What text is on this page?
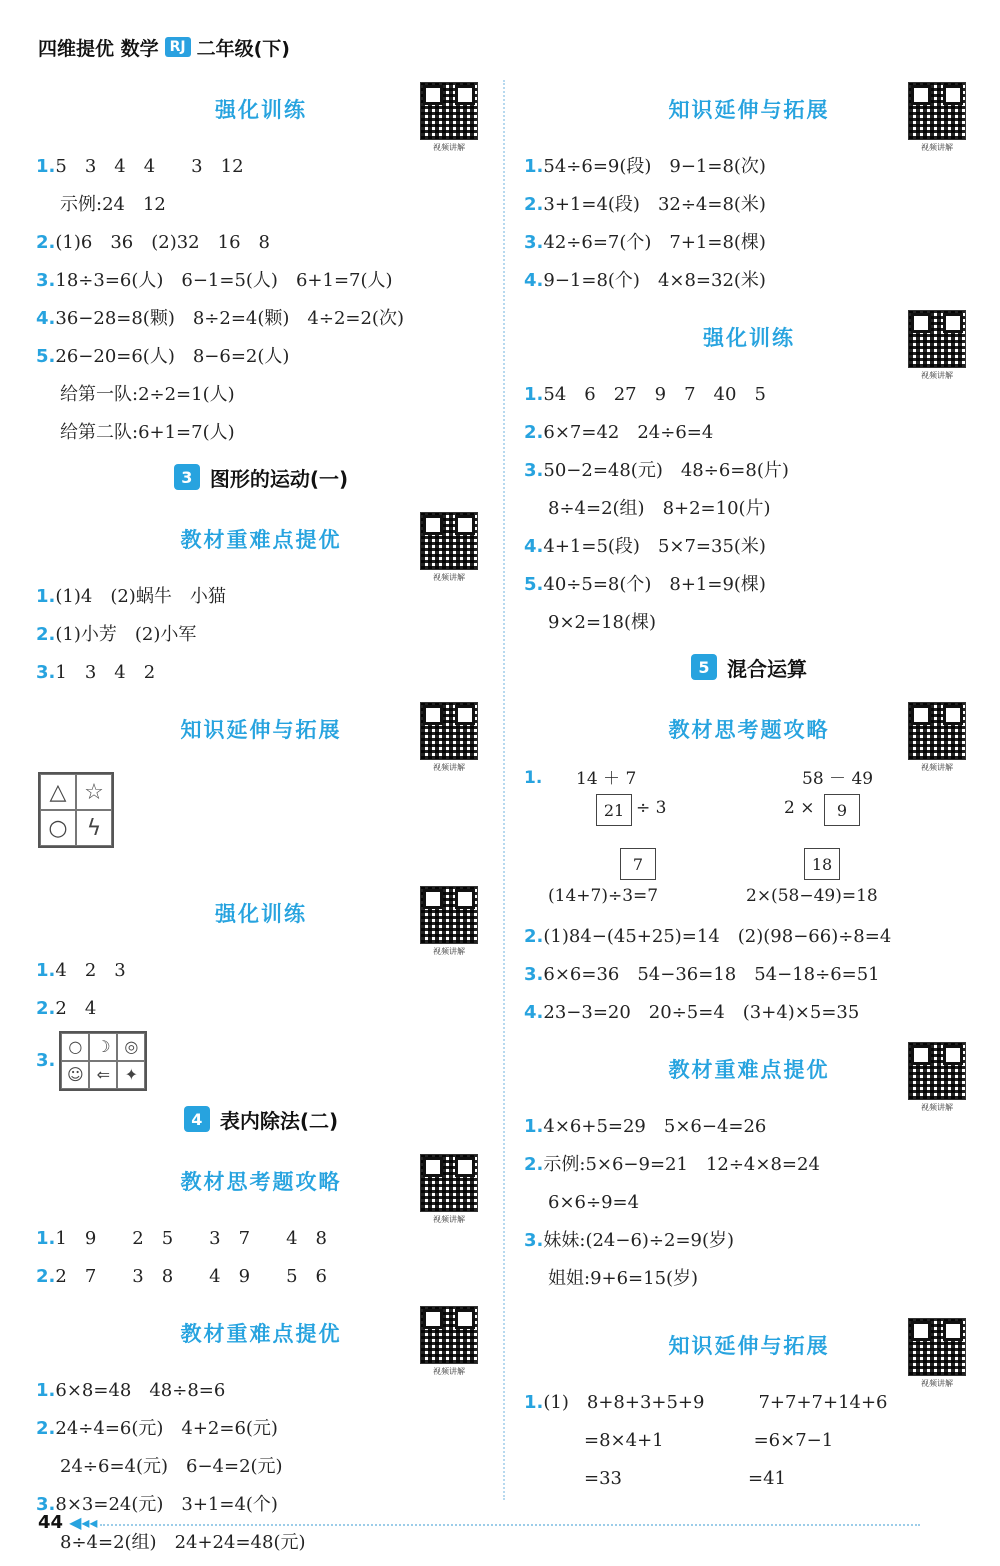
四维提优 数学 RJ 二年级(下)
强化训练
视频讲解
1.5　3　4　4　　3　12
示例:24　12
2.(1)6　36　(2)32　16　8
3.18÷3=6(人)　6−1=5(人)　6+1=7(人)
4.36−28=8(颗)　8÷2=4(颗)　4÷2=2(次)
5.26−20=6(人)　8−6=2(人)
给第一队:2÷2=1(人)
给第二队:6+1=7(人)
3 图形的运动(一)
教材重难点提优
视频讲解
1.(1)4　(2)蜗牛　小猫
2.(1)小芳　(2)小军
3.1　3　4　2
知识延伸与拓展
视频讲解
△ ☆
○ ϟ
强化训练
视频讲解
1.4　2　3
2.2　4
3.
○ ☽ ◎
☺ ⇐ ✦
4 表内除法(二)
教材思考题攻略
视频讲解
1.1　9　　2　5　　3　7　　4　8
2.2　7　　3　8　　4　9　　5　6
教材重难点提优
视频讲解
1.6×8=48　48÷8=6
2.24÷4=6(元)　4+2=6(元)
24÷6=4(元)　6−4=2(元)
3.8×3=24(元)　3+1=4(个)
8÷4=2(组)　24+24=48(元)
知识延伸与拓展
视频讲解
1.54÷6=9(段)　9−1=8(次)
2.3+1=4(段)　32÷4=8(米)
3.42÷6=7(个)　7+1=8(棵)
4.9−1=8(个)　4×8=32(米)
强化训练
视频讲解
1.54　6　27　9　7　40　5
2.6×7=42　24÷6=4
3.50−2=48(元)　48÷6=8(片)
8÷4=2(组)　8+2=10(片)
4.4+1=5(段)　5×7=35(米)
5.40÷5=8(个)　8+1=9(棵)
9×2=18(棵)
5 混合运算
教材思考题攻略
视频讲解
1. 14 ＋ 7
21 ÷ 3
7
58 － 49
2 ×	9
18
(14+7)÷3=7	2×(58−49)=18
2.(1)84−(45+25)=14　(2)(98−66)÷8=4
3.6×6=36　54−36=18　54−18÷6=51
4.23−3=20　20÷5=4　(3+4)×5=35
教材重难点提优
视频讲解
1.4×6+5=29　5×6−4=26
2.示例:5×6−9=21　12÷4×8=24
6×6÷9=4
3.妹妹:(24−6)÷2=9(岁)
姐姐:9+6=15(岁)
知识延伸与拓展
视频讲解
1.(1)　8+8+3+5+9　　　7+7+7+14+6
　　=8×4+1　　　　　=6×7−1
　　=33　　　　　　　=41
44 ◀◂◂
